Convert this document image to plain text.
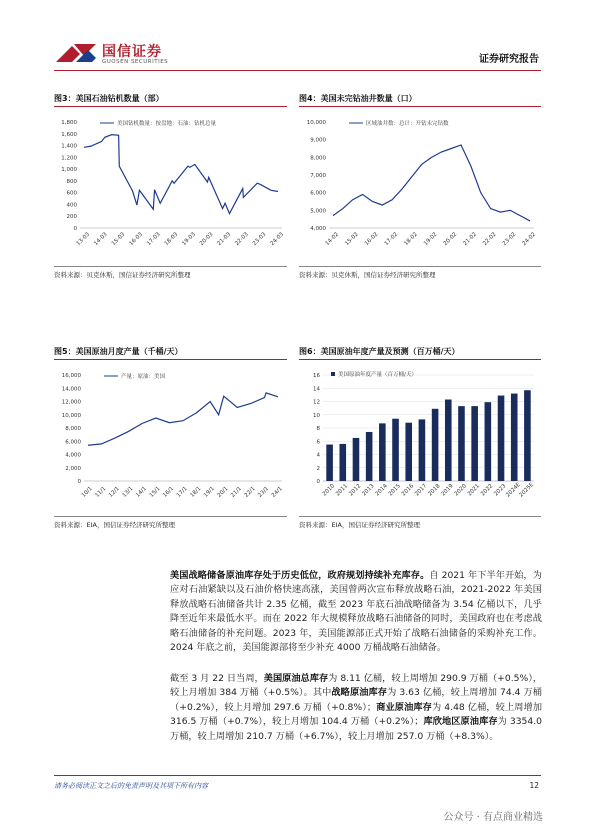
国信证券
GUOSEN SECURITIES	证券研究报告
图3：美国石油钻机数量（部）
0
200
400
600
800
1,000
1,200
1,400
1,600
1,800	美国钻机数量：按盘地：石油：钻机总量
13-03 14-03 15-03 16-03 17-03 18-03 19-03 20-03 21-03 22-03 23-03 24-03
资料来源：贝克休斯，国信证券经济研究所整理
图4：美国未完钻油井数量（口）
4,000
5,000
6,000
7,000
8,000
9,000
10,000	区域油井数：总计：开钻未完钻数
14-02 15-02 16-02 17-02 18-02 19-02 20-02 21-02 22-02 23-02 24-02
资料来源：贝克休斯，国信证券经济研究所整理
图5：美国原油月度产量（千桶/天）
0
2,000
4,000
6,000
8,000
10,000
12,000
14,000
16,000	产量：原油：美国
10/1 11/1 12/1 13/1 14/1 15/1 16/1 17/1 18/1 19/1 20/1 21/1 22/1 23/1 24/1
资料来源：EIA，国信证券经济研究所整理
图6：美国原油年度产量及预测（百万桶/天）
0
2
4
6
8
10
12
14
16	美国原油年度产量（百万桶/天）
2010 2011 2012 2013 2014 2015 2016 2017 2018 2019 2020 2021 2022 2023
2024E
2025E
资料来源：EIA，国信证券经济研究所整理
美国战略储备原油库存处于历史低位，政府规划持续补充库存。自 2021 年下半年开始，为应对石油紧缺以及石油价格快速高涨，美国曾两次宣布释放战略石油，2021-2022 年美国释放战略石油储备共计 2.35 亿桶，截至 2023 年底石油战略储备为 3.54 亿桶以下，几乎降至近年来最低水平。而在 2022 年大规模释放战略石油储备的同时，美国政府也在考虑战略石油储备的补充问题。2023 年，美国能源部正式开始了战略石油储备的采购补充工作。2024 年底之前，美国能源部将至少补充 4000 万桶战略石油储备。
截至 3 月 22 日当周，美国原油总库存为 8.11 亿桶，较上周增加 290.9 万桶（+0.5%），较上月增加 384 万桶（+0.5%）。其中战略原油库存为 3.63 亿桶，较上周增加 74.4 万桶（+0.2%），较上月增加 297.6 万桶（+0.8%）；商业原油库存为 4.48 亿桶，较上周增加 316.5 万桶（+0.7%），较上月增加 104.4 万桶（+0.2%）；库欣地区原油库存为 3354.0 万桶，较上周增加 210.7 万桶（+6.7%），较上月增加 257.0 万桶（+8.3%）。
请务必阅读正文之后的免责声明及其项下所有内容	12
公众号 · 有点商业精选
